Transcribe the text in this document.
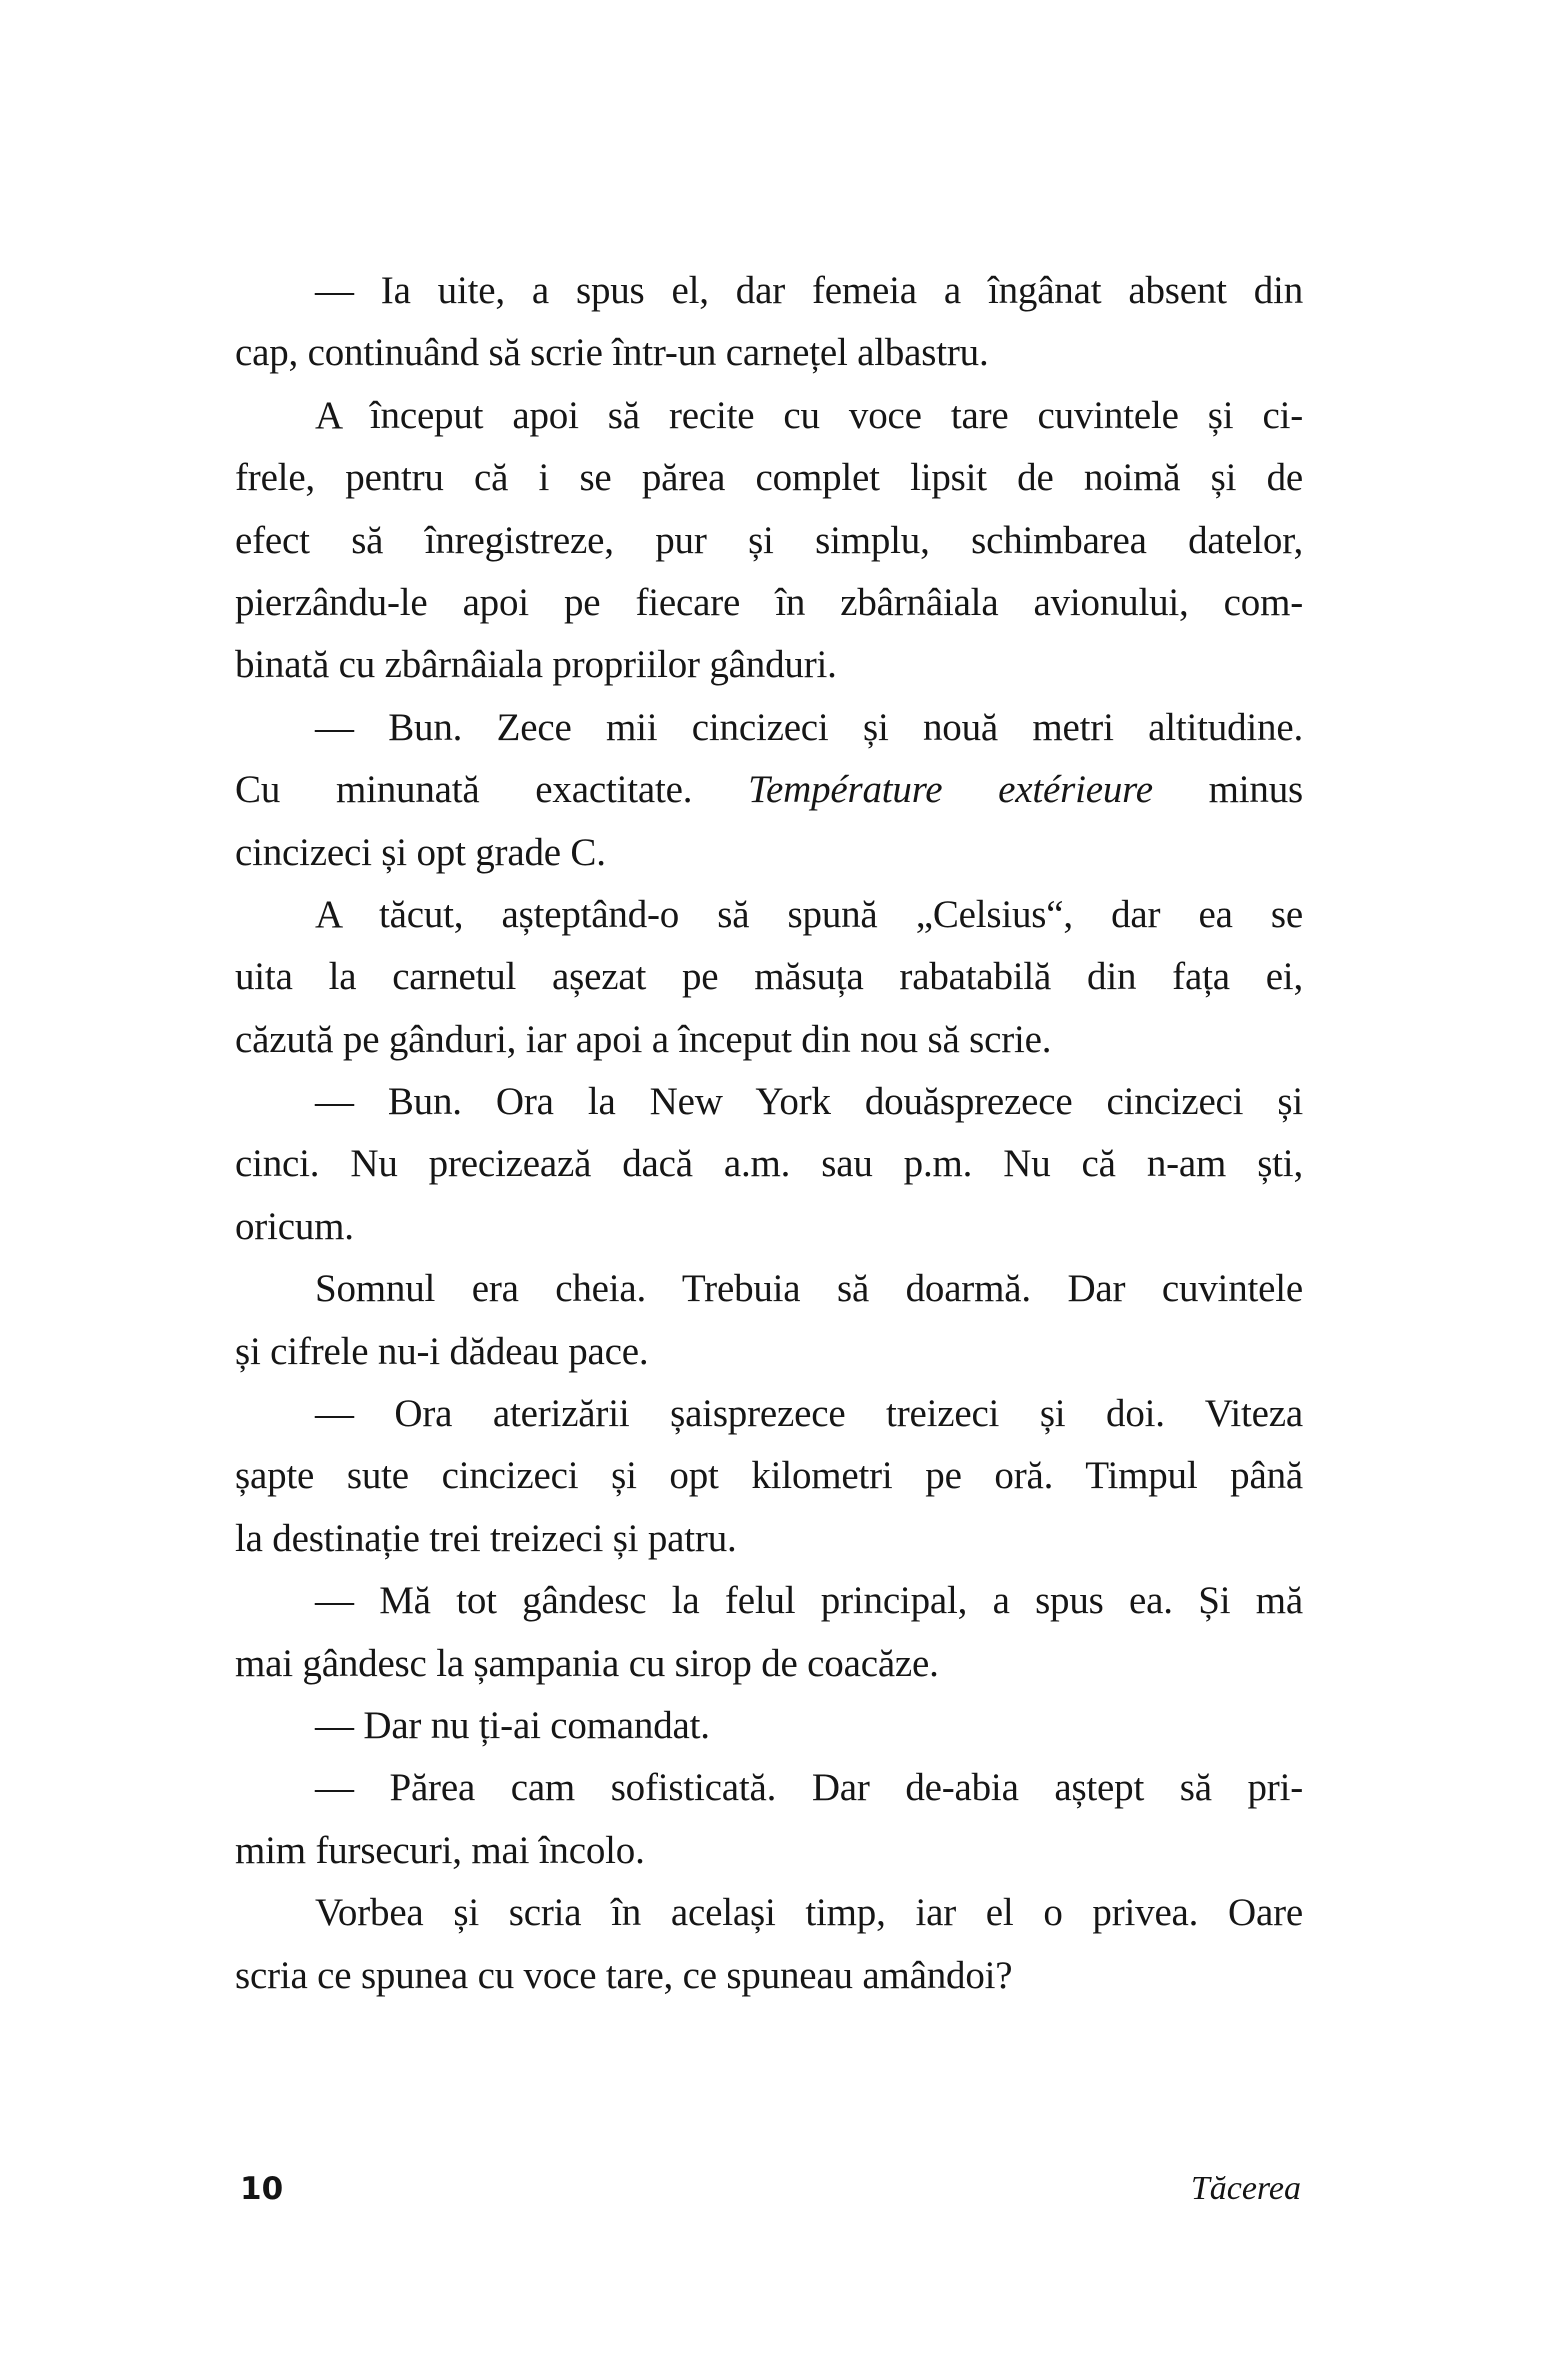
— Ia uite, a spus el, dar femeia a îngânat absent din
cap, continuând să scrie într-un carnețel albastru.

A început apoi să recite cu voce tare cuvintele și ci-
frele, pentru că i se părea complet lipsit de noimă și de
efect să înregistreze, pur și simplu, schimbarea datelor,
pierzându-le apoi pe fiecare în zbârnâiala avionului, com-
binată cu zbârnâiala propriilor gânduri.

— Bun. Zece mii cincizeci și nouă metri altitudine.
Cu minunată exactitate. Température extérieure minus
cincizeci și opt grade C.

A tăcut, așteptând-o să spună „Celsius“, dar ea se
uita la carnetul așezat pe măsuța rabatabilă din fața ei,
căzută pe gânduri, iar apoi a început din nou să scrie.

— Bun. Ora la New York douăsprezece cincizeci și
cinci. Nu precizează dacă a.m. sau p.m. Nu că n-am ști,
oricum.

Somnul era cheia. Trebuia să doarmă. Dar cuvintele
și cifrele nu-i dădeau pace.

— Ora aterizării șaisprezece treizeci și doi. Viteza
șapte sute cincizeci și opt kilometri pe oră. Timpul până
la destinație trei treizeci și patru.

— Mă tot gândesc la felul principal, a spus ea. Și mă
mai gândesc la șampania cu sirop de coacăze.

— Dar nu ți-ai comandat.

— Părea cam sofisticată. Dar de-abia aștept să pri-
mim fursecuri, mai încolo.

Vorbea și scria în același timp, iar el o privea. Oare
scria ce spunea cu voce tare, ce spuneau amândoi?

10	Tăcerea
